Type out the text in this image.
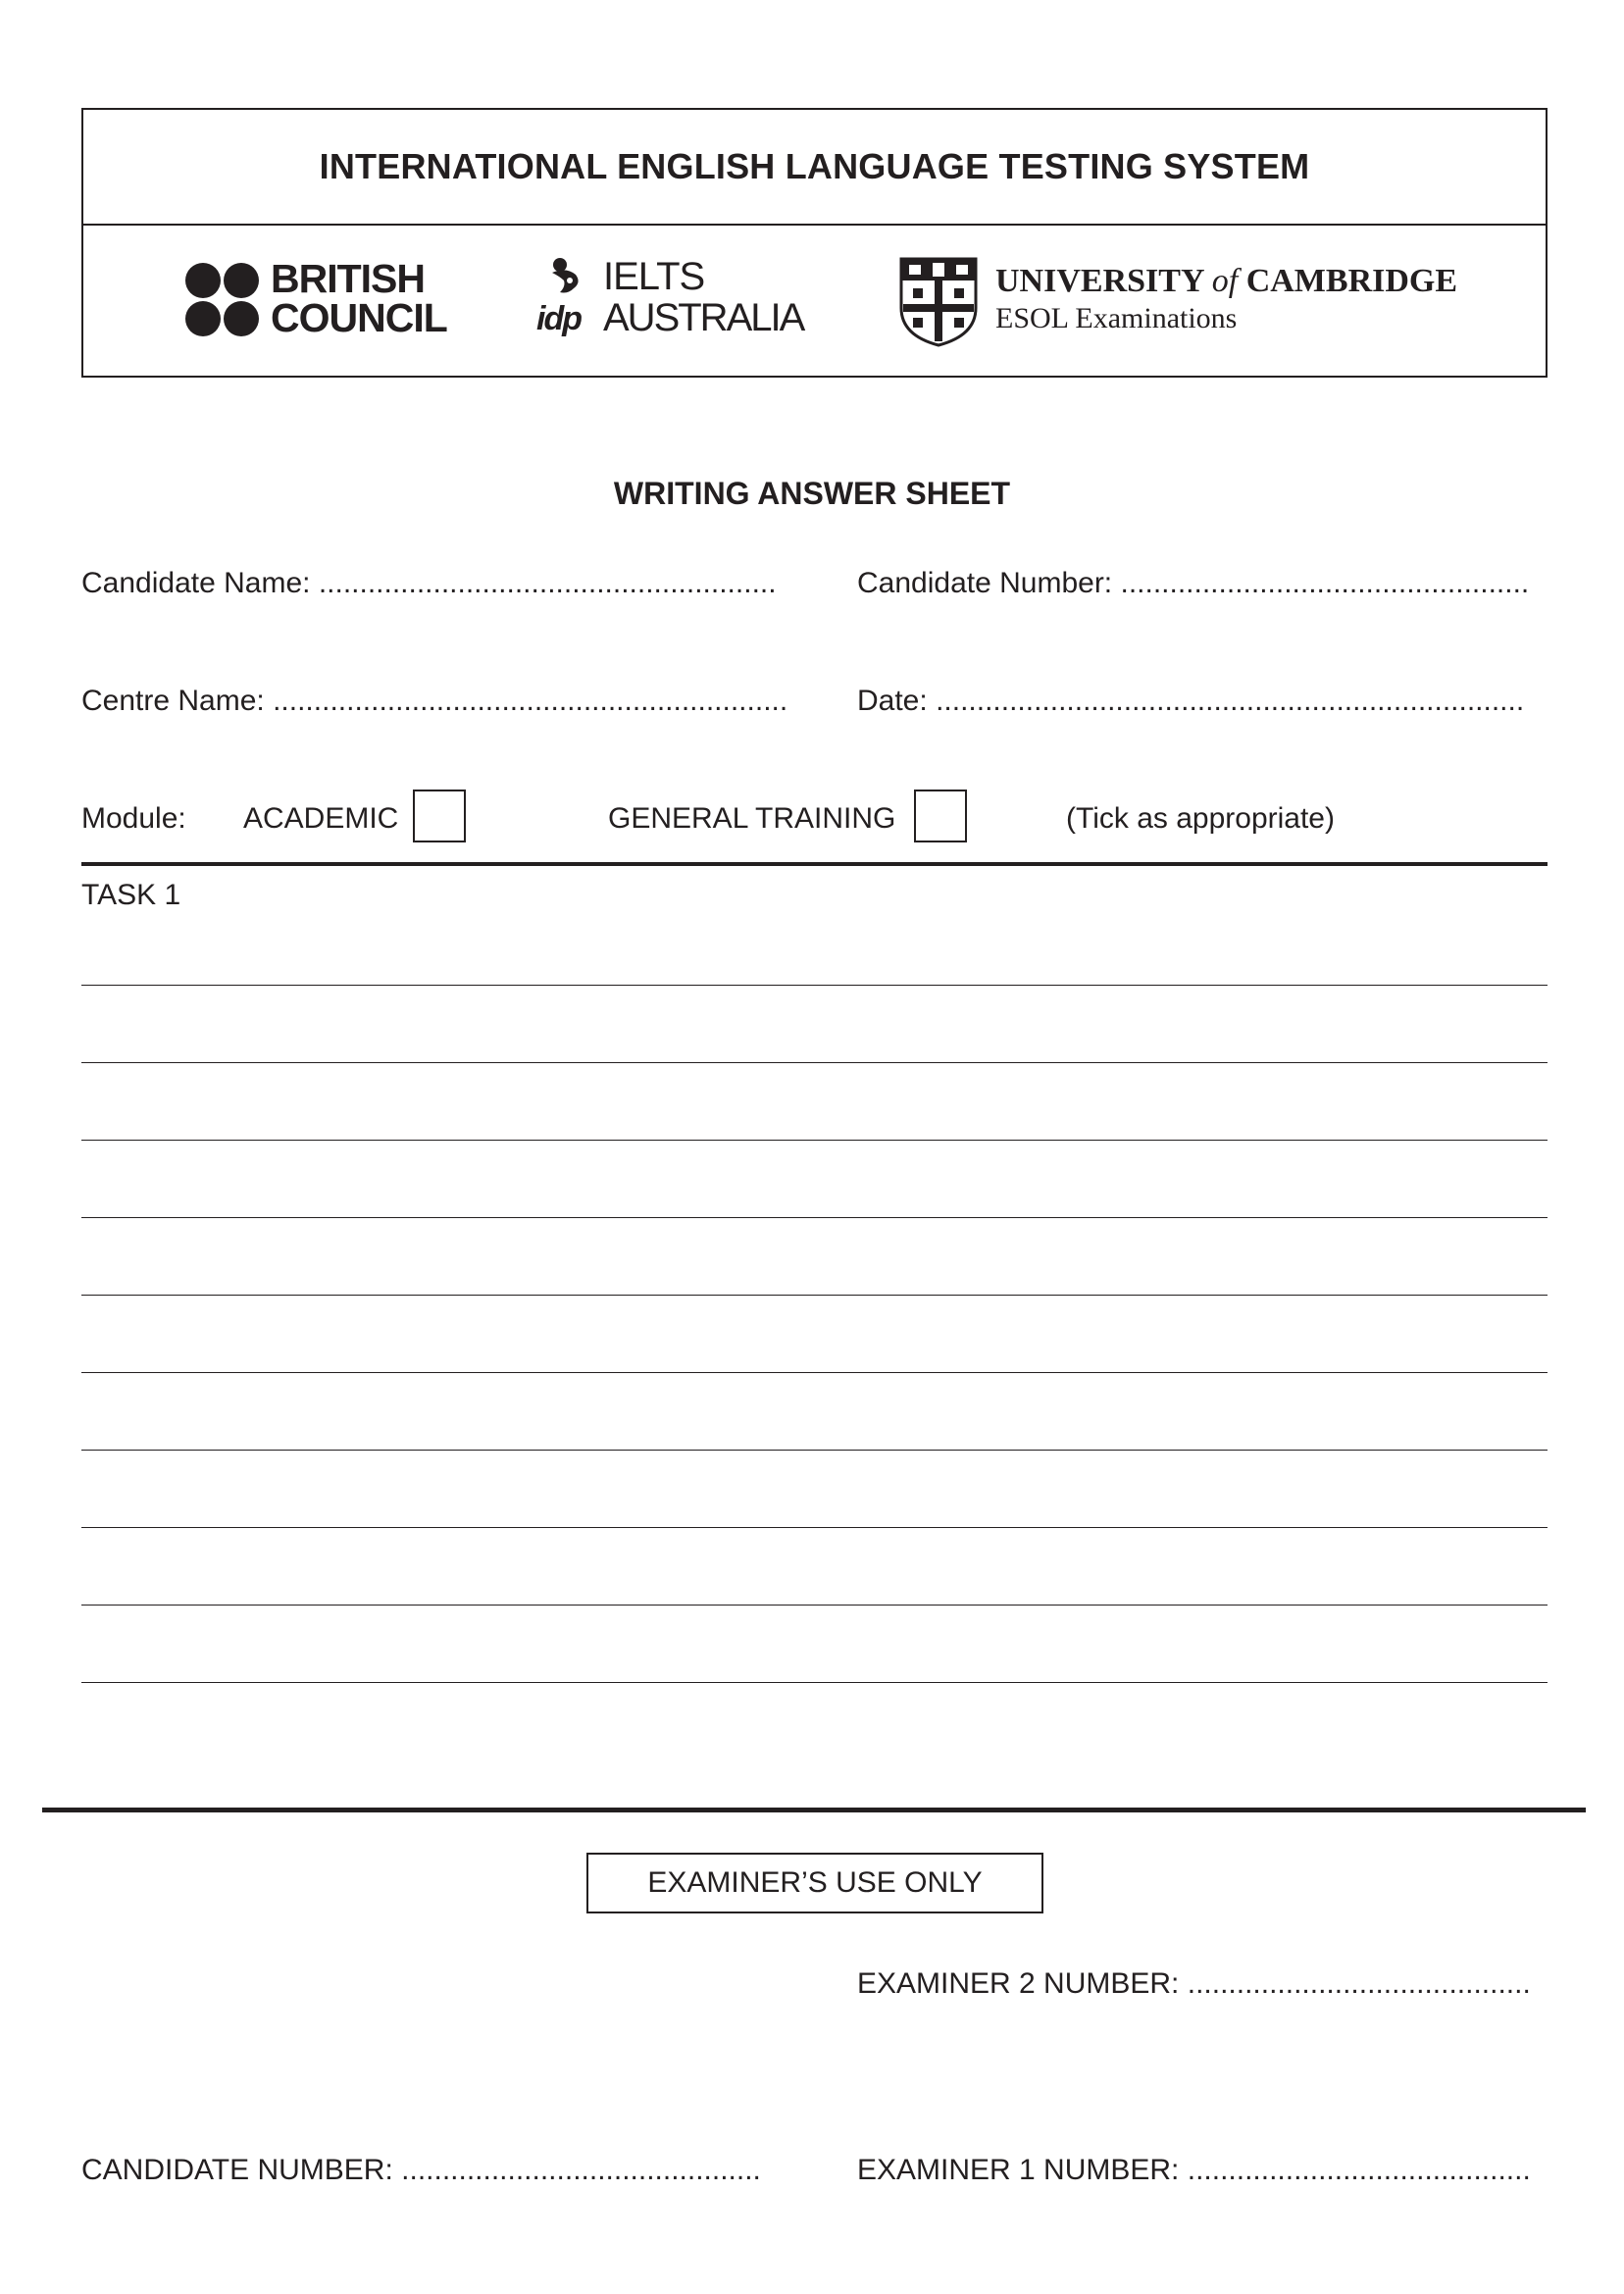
INTERNATIONAL ENGLISH LANGUAGE TESTING SYSTEM
BRITISH
COUNCIL	idp
IELTS
AUSTRALIA
UNIVERSITY of CAMBRIDGE
ESOL Examinations
WRITING ANSWER SHEET
Candidate Name: ........................................................	Candidate Number: ..................................................
Centre Name: ...............................................................	Date: ........................................................................
Module: ACADEMIC	GENERAL TRAINING	(Tick as appropriate)
TASK 1
EXAMINER’S USE ONLY
EXAMINER 2 NUMBER: ..........................................
CANDIDATE NUMBER: ............................................	EXAMINER 1 NUMBER: ..........................................
